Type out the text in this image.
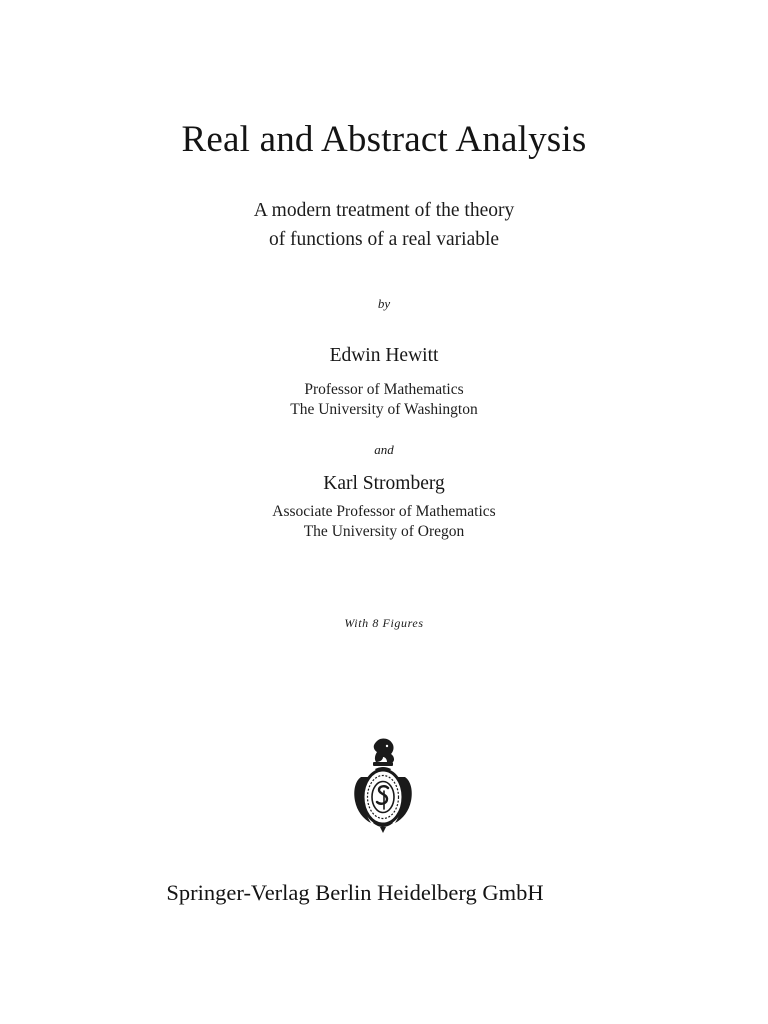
Real and Abstract Analysis
A modern treatment of the theory
of functions of a real variable
by
Edwin Hewitt
Professor of Mathematics
The University of Washington
and
Karl Stromberg
Associate Professor of Mathematics
The University of Oregon
With 8 Figures
Springer-Verlag Berlin Heidelberg GmbH
